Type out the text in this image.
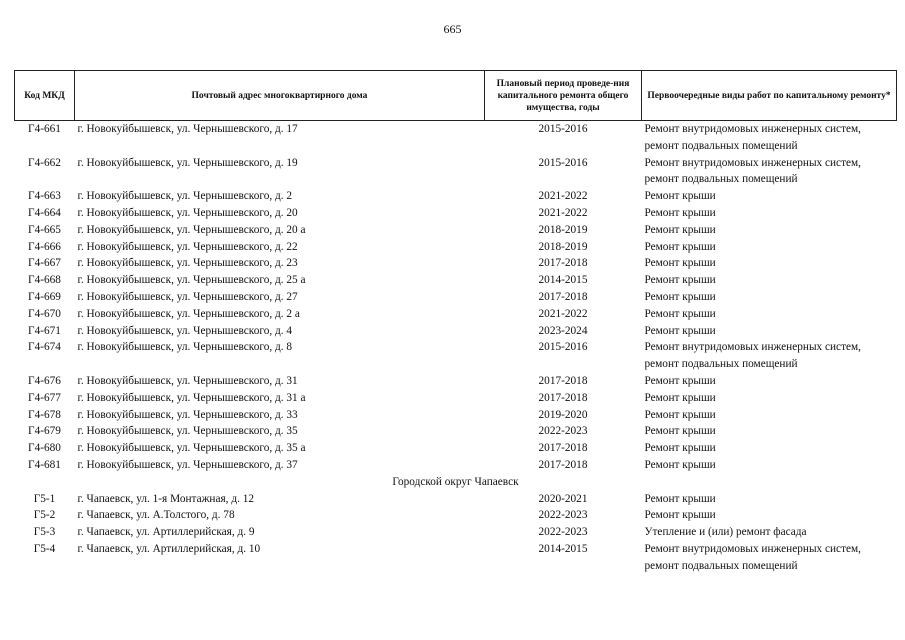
665
Код МКД	Почтовый адрес многоквартирного дома	Плановый период проведе-ния капитального ремонта общего имущества, годы	Первоочередные виды работ по капитальному ремонту*
Г4-661	г. Новокуйбышевск, ул. Чернышевского, д. 17	2015-2016	Ремонт внутридомовых инженерных систем, ремонт подвальных помещений
Г4-662	г. Новокуйбышевск, ул. Чернышевского, д. 19	2015-2016	Ремонт внутридомовых инженерных систем, ремонт подвальных помещений
Г4-663	г. Новокуйбышевск, ул. Чернышевского, д. 2	2021-2022	Ремонт крыши
Г4-664	г. Новокуйбышевск, ул. Чернышевского, д. 20	2021-2022	Ремонт крыши
Г4-665	г. Новокуйбышевск, ул. Чернышевского, д. 20 а	2018-2019	Ремонт крыши
Г4-666	г. Новокуйбышевск, ул. Чернышевского, д. 22	2018-2019	Ремонт крыши
Г4-667	г. Новокуйбышевск, ул. Чернышевского, д. 23	2017-2018	Ремонт крыши
Г4-668	г. Новокуйбышевск, ул. Чернышевского, д. 25 а	2014-2015	Ремонт крыши
Г4-669	г. Новокуйбышевск, ул. Чернышевского, д. 27	2017-2018	Ремонт крыши
Г4-670	г. Новокуйбышевск, ул. Чернышевского, д. 2 а	2021-2022	Ремонт крыши
Г4-671	г. Новокуйбышевск, ул. Чернышевского, д. 4	2023-2024	Ремонт крыши
Г4-674	г. Новокуйбышевск, ул. Чернышевского, д. 8	2015-2016	Ремонт внутридомовых инженерных систем, ремонт подвальных помещений
Г4-676	г. Новокуйбышевск, ул. Чернышевского, д. 31	2017-2018	Ремонт крыши
Г4-677	г. Новокуйбышевск, ул. Чернышевского, д. 31 а	2017-2018	Ремонт крыши
Г4-678	г. Новокуйбышевск, ул. Чернышевского, д. 33	2019-2020	Ремонт крыши
Г4-679	г. Новокуйбышевск, ул. Чернышевского, д. 35	2022-2023	Ремонт крыши
Г4-680	г. Новокуйбышевск, ул. Чернышевского, д. 35 а	2017-2018	Ремонт крыши
Г4-681	г. Новокуйбышевск, ул. Чернышевского, д. 37	2017-2018	Ремонт крыши
Городской округ Чапаевск			
Г5-1	г. Чапаевск, ул. 1-я Монтажная, д. 12	2020-2021	Ремонт крыши
Г5-2	г. Чапаевск, ул. А.Толстого, д. 78	2022-2023	Ремонт крыши
Г5-3	г. Чапаевск, ул. Артиллерийская, д. 9	2022-2023	Утепление и (или) ремонт фасада
Г5-4	г. Чапаевск, ул. Артиллерийская, д. 10	2014-2015	Ремонт внутридомовых инженерных систем, ремонт подвальных помещений
